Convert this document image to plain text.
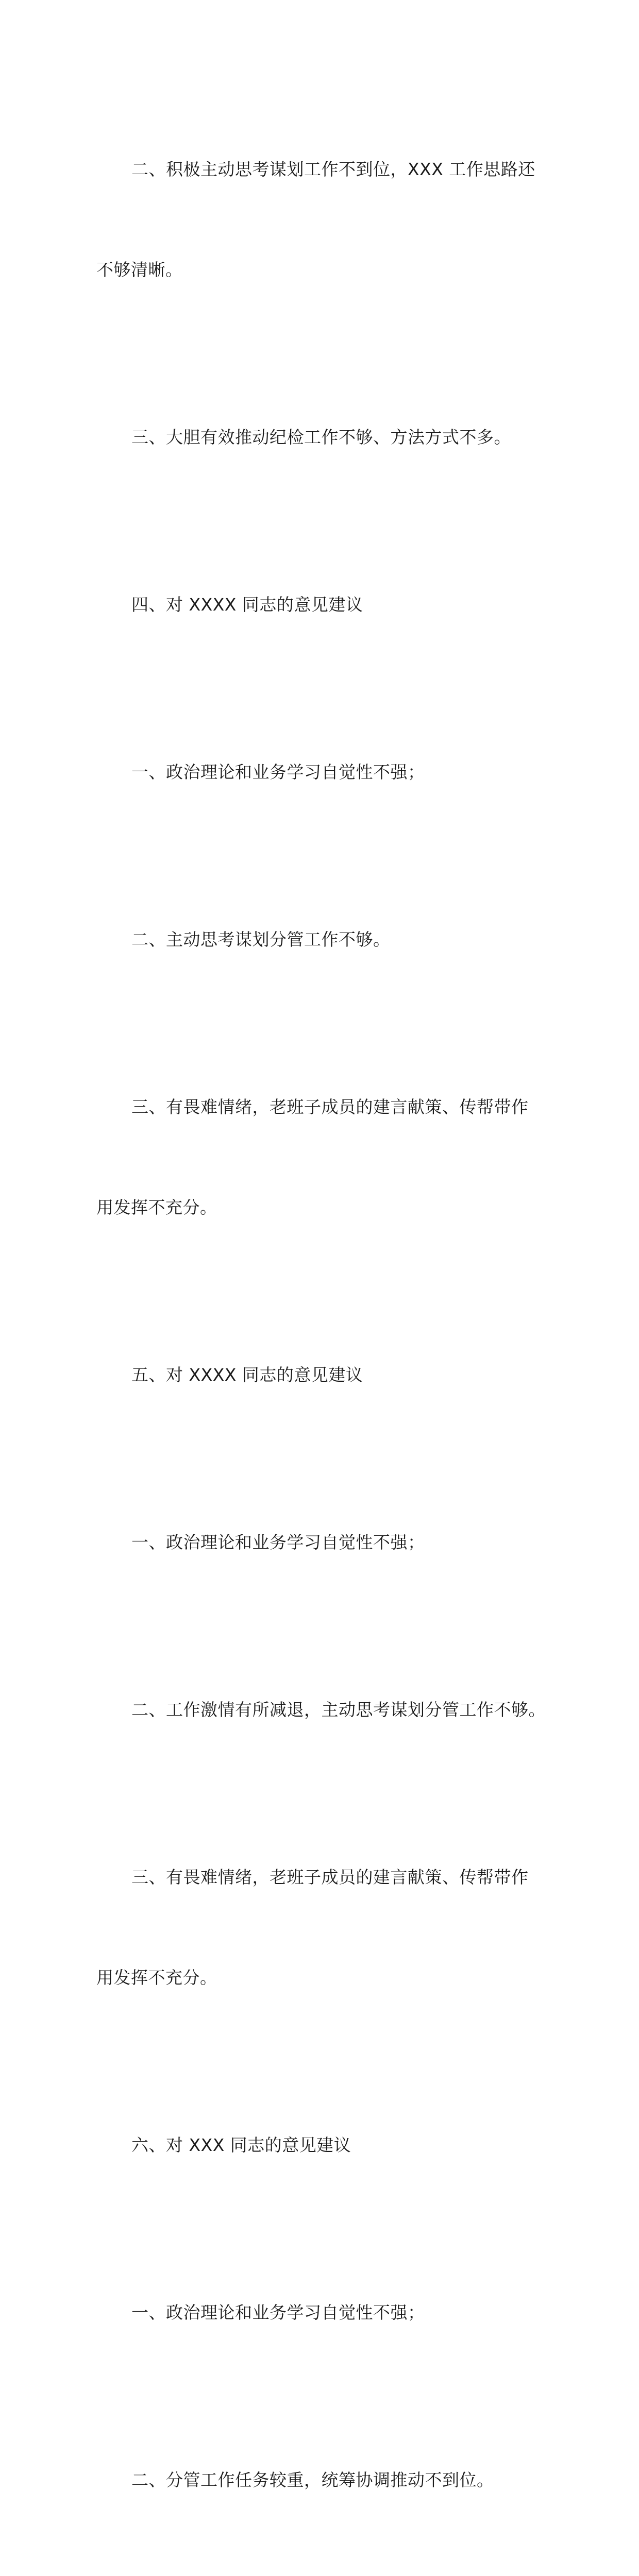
二、积极主动思考谋划工作不到位，XXX 工作思路还

不够清晰。

三、大胆有效推动纪检工作不够、方法方式不多。

四、对 XXXX 同志的意见建议

一、政治理论和业务学习自觉性不强；

二、主动思考谋划分管工作不够。

三、有畏难情绪，老班子成员的建言献策、传帮带作

用发挥不充分。

五、对 XXXX 同志的意见建议

一、政治理论和业务学习自觉性不强；

二、工作激情有所减退，主动思考谋划分管工作不够。

三、有畏难情绪，老班子成员的建言献策、传帮带作

用发挥不充分。

六、对 XXX 同志的意见建议

一、政治理论和业务学习自觉性不强；

二、分管工作任务较重，统筹协调推动不到位。
